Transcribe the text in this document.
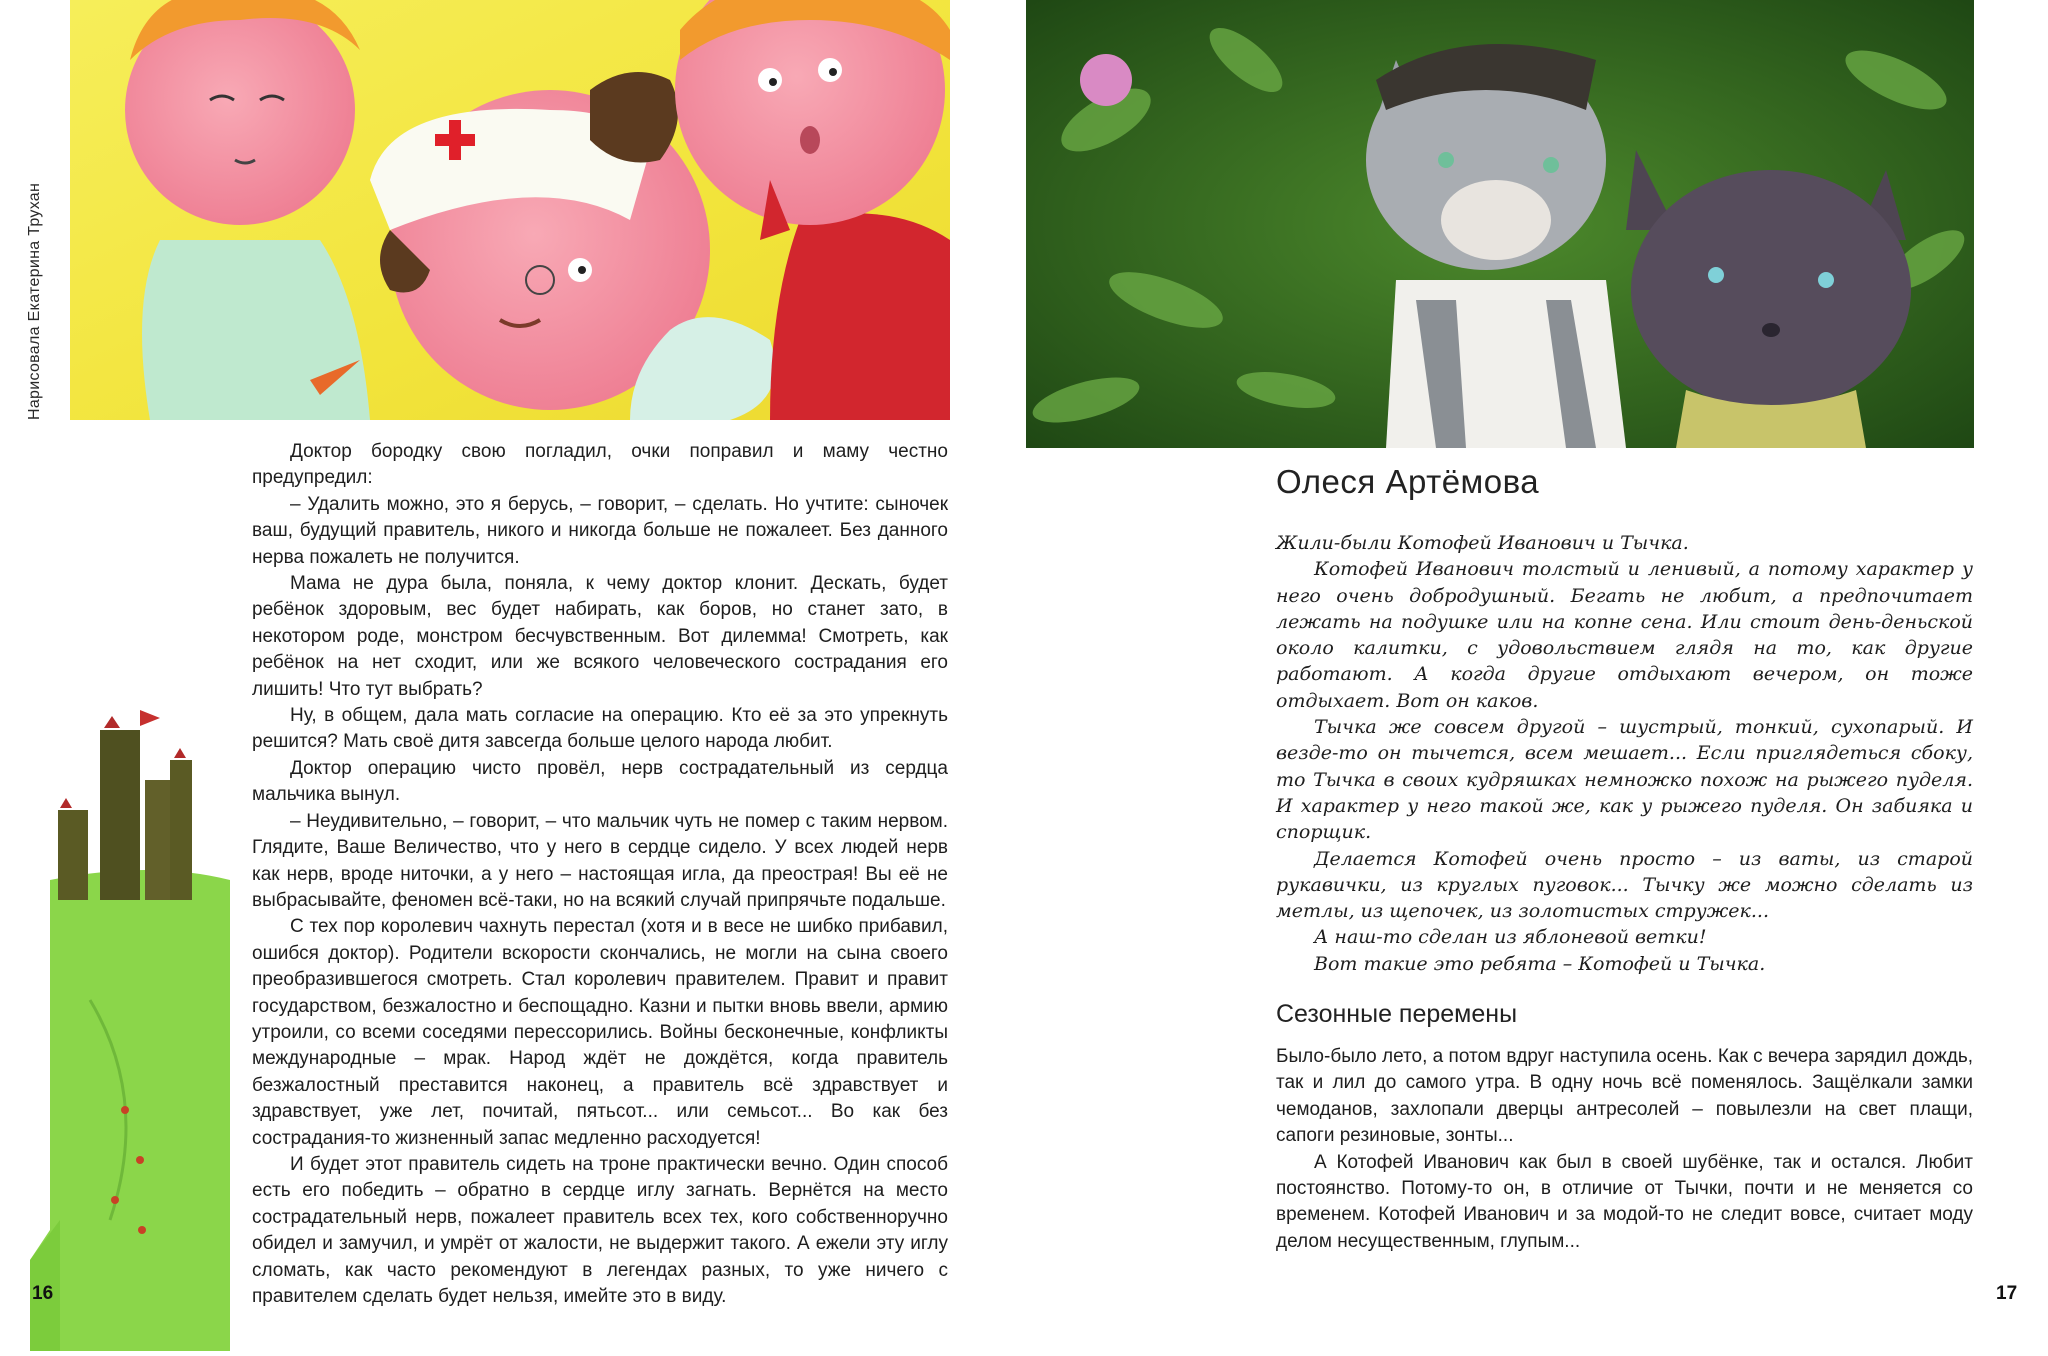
Нарисовала Екатерина Трухан

Доктор бородку свою погладил, очки поправил и маму честно предупредил:

– Удалить можно, это я берусь, – говорит, – сделать. Но учтите: сыночек ваш, будущий правитель, никого и никогда больше не пожалеет. Без данного нерва пожалеть не получится.

Мама не дура была, поняла, к чему доктор клонит. Дескать, будет ребёнок здоровым, вес будет набирать, как боров, но станет зато, в некотором роде, монстром бесчувственным. Вот дилемма! Смотреть, как ребёнок на нет сходит, или же всякого человеческого сострадания его лишить! Что тут выбрать?

Ну, в общем, дала мать согласие на операцию. Кто её за это упрекнуть решится? Мать своё дитя завсегда больше целого народа любит.

Доктор операцию чисто провёл, нерв сострадательный из сердца мальчика вынул.

– Неудивительно, – говорит, – что мальчик чуть не помер с таким нервом. Глядите, Ваше Величество, что у него в сердце сидело. У всех людей нерв как нерв, вроде ниточки, а у него – настоящая игла, да преострая! Вы её не выбрасывайте, феномен всё-таки, но на всякий случай припрячьте подальше.

С тех пор королевич чахнуть перестал (хотя и в весе не шибко прибавил, ошибся доктор). Родители вскорости скончались, не могли на сына своего преобразившегося смотреть. Стал королевич правителем. Правит и правит государством, безжалостно и беспощадно. Казни и пытки вновь ввели, армию утроили, со всеми соседями перессорились. Войны бесконечные, конфликты международные – мрак. Народ ждёт не дождётся, когда правитель безжалостный преставится наконец, а правитель всё здравствует и здравствует, уже лет, почитай, пятьсот... или семьсот... Во как без сострадания-то жизненный запас медленно расходуется!

И будет этот правитель сидеть на троне практически вечно. Один способ есть его победить – обратно в сердце иглу загнать. Вернётся на место сострадательный нерв, пожалеет правитель всех тех, кого собственноручно обидел и замучил, и умрёт от жалости, не выдержит такого. А ежели эту иглу сломать, как часто рекомендуют в легендах разных, то уже ничего с правителем сделать будет нельзя, имейте это в виду.

16
Олеся Артёмова

Жили-были Котофей Иванович и Тычка.

Котофей Иванович толстый и ленивый, а потому характер у него очень добродушный. Бегать не любит, а предпочитает лежать на подушке или на копне сена. Или стоит день-деньской около калитки, с удовольствием глядя на то, как другие работают. А когда другие отдыхают вечером, он тоже отдыхает. Вот он каков.

Тычка же совсем другой – шустрый, тонкий, сухопарый. И везде-то он тычется, всем мешает... Если приглядеться сбоку, то Тычка в своих кудряшках немножко похож на рыжего пуделя. И характер у него такой же, как у рыжего пуделя. Он забияка и спорщик.

Делается Котофей очень просто – из ваты, из старой рукавички, из круглых пуговок... Тычку же можно сделать из метлы, из щепочек, из золотистых стружек...

А наш-то сделан из яблоневой ветки!

Вот такие это ребята – Котофей и Тычка.

Сезонные перемены

Было-было лето, а потом вдруг наступила осень. Как с вечера зарядил дождь, так и лил до самого утра. В одну ночь всё поменялось. Защёлкали замки чемоданов, захлопали дверцы антресолей – повылезли на свет плащи, сапоги резиновые, зонты...

А Котофей Иванович как был в своей шубёнке, так и остался. Любит постоянство. Потому-то он, в отличие от Тычки, почти и не меняется со временем. Котофей Иванович и за модой-то не следит вовсе, считает моду делом несущественным, глупым...

17
